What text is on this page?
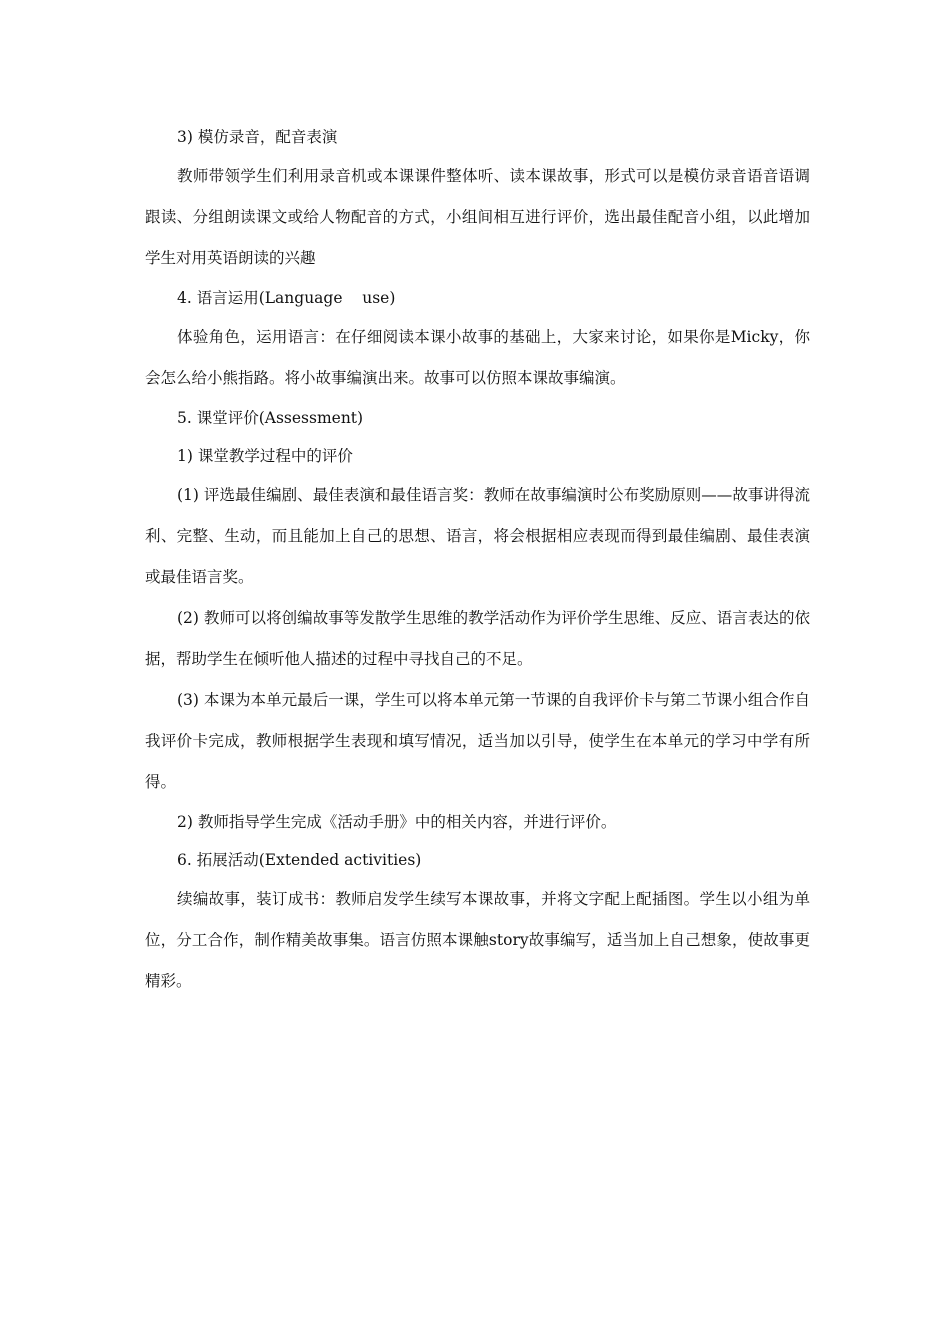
3) 模仿录音，配音表演

教师带领学生们利用录音机或本课课件整体听、读本课故事，形式可以是模仿录音语音语调跟读、分组朗读课文或给人物配音的方式，小组间相互进行评价，选出最佳配音小组，以此增加学生对用英语朗读的兴趣

4. 语言运用(Language    use)

体验角色，运用语言：在仔细阅读本课小故事的基础上，大家来讨论，如果你是Micky，你会怎么给小熊指路。将小故事编演出来。故事可以仿照本课故事编演。

5. 课堂评价(Assessment)

1) 课堂教学过程中的评价

(1) 评选最佳编剧、最佳表演和最佳语言奖：教师在故事编演时公布奖励原则——故事讲得流利、完整、生动，而且能加上自己的思想、语言，将会根据相应表现而得到最佳编剧、最佳表演或最佳语言奖。

(2) 教师可以将创编故事等发散学生思维的教学活动作为评价学生思维、反应、语言表达的依据，帮助学生在倾听他人描述的过程中寻找自己的不足。

(3) 本课为本单元最后一课，学生可以将本单元第一节课的自我评价卡与第二节课小组合作自我评价卡完成，教师根据学生表现和填写情况，适当加以引导，使学生在本单元的学习中学有所得。

2) 教师指导学生完成《活动手册》中的相关内容，并进行评价。

6. 拓展活动(Extended activities)

续编故事，装订成书：教师启发学生续写本课故事，并将文字配上配插图。学生以小组为单位，分工合作，制作精美故事集。语言仿照本课触story故事编写，适当加上自己想象，使故事更精彩。
